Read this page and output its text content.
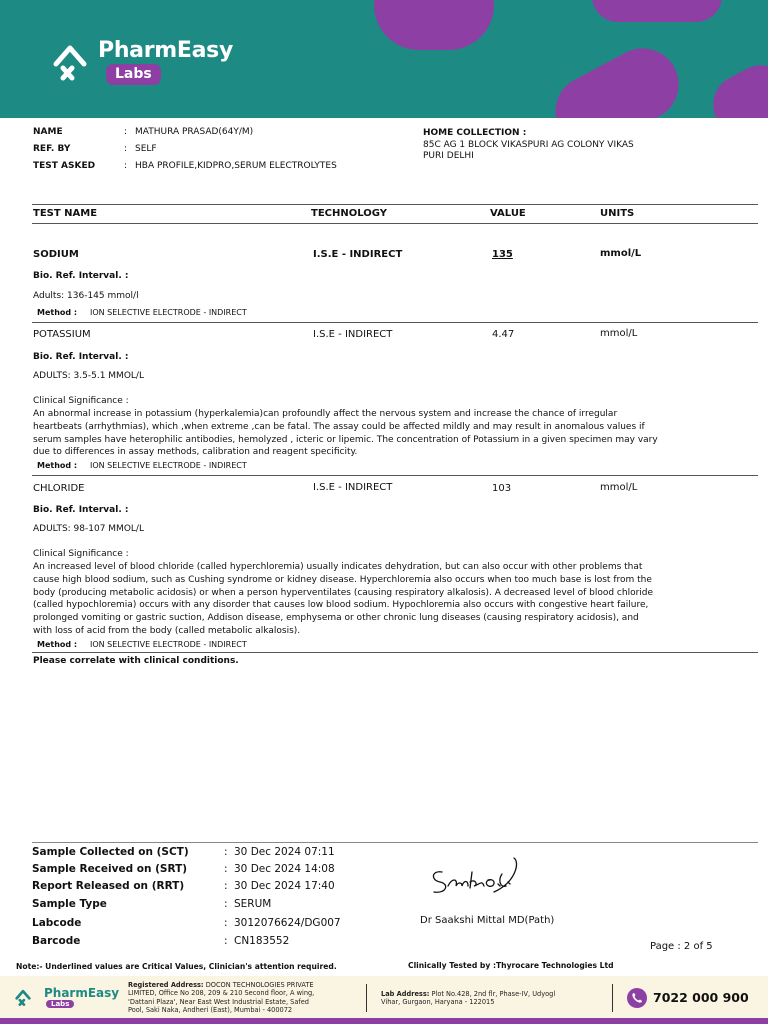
PharmEasy
Labs
NAME	: MATHURA PRASAD(64Y/M)
REF. BY	: SELF
TEST ASKED	: HBA PROFILE,KIDPRO,SERUM ELECTROLYTES
HOME COLLECTION :
85C AG 1 BLOCK VIKASPURI AG COLONY VIKAS
PURI DELHI
TEST NAME	TECHNOLOGY	VALUE	UNITS
SODIUM	I.S.E - INDIRECT	135	mmol/L
Bio. Ref. Interval. :
Adults: 136-145 mmol/l
Method : ION SELECTIVE ELECTRODE - INDIRECT
POTASSIUM	I.S.E - INDIRECT	4.47	mmol/L
Bio. Ref. Interval. :
ADULTS: 3.5-5.1 MMOL/L
Clinical Significance :
An abnormal increase in potassium (hyperkalemia)can profoundly affect the nervous system and increase the chance of irregular
heartbeats (arrhythmias), which ,when extreme ,can be fatal. The assay could be affected mildly and may result in anomalous values if
serum samples have heterophilic antibodies, hemolyzed , icteric or lipemic. The concentration of Potassium in a given specimen may vary
due to differences in assay methods, calibration and reagent specificity.
Method : ION SELECTIVE ELECTRODE - INDIRECT
CHLORIDE	I.S.E - INDIRECT	103	mmol/L
Bio. Ref. Interval. :
ADULTS: 98-107 MMOL/L
Clinical Significance :
An increased level of blood chloride (called hyperchloremia) usually indicates dehydration, but can also occur with other problems that
cause high blood sodium, such as Cushing syndrome or kidney disease. Hyperchloremia also occurs when too much base is lost from the
body (producing metabolic acidosis) or when a person hyperventilates (causing respiratory alkalosis). A decreased level of blood chloride
(called hypochloremia) occurs with any disorder that causes low blood sodium. Hypochloremia also occurs with congestive heart failure,
prolonged vomiting or gastric suction, Addison disease, emphysema or other chronic lung diseases (causing respiratory acidosis), and
with loss of acid from the body (called metabolic alkalosis).
Method : ION SELECTIVE ELECTRODE - INDIRECT
Please correlate with clinical conditions.
Sample Collected on (SCT)	: 30 Dec 2024 07:11
Sample Received on (SRT)	: 30 Dec 2024 14:08
Report Released on (RRT)	: 30 Dec 2024 17:40
Sample Type	: SERUM
Labcode	: 3012076624/DG007
Barcode	: CN183552
Dr Saakshi Mittal MD(Path)
Page : 2 of 5
Note:- Underlined values are Critical Values, Clinician's attention required.	Clinically Tested by :Thyrocare Technologies Ltd
PharmEasy
Labs
Registered Address: DOCON TECHNOLOGIES PRIVATE
LIMITED, Office No 208, 209 & 210 Second floor, A wing,
'Dattani Plaza', Near East West Industrial Estate, Safed
Pool, Saki Naka, Andheri (East), Mumbai - 400072
Lab Address: Plot No.428, 2nd flr, Phase-IV, Udyogl
Vihar, Gurgaon, Haryana - 122015	7022 000 900
